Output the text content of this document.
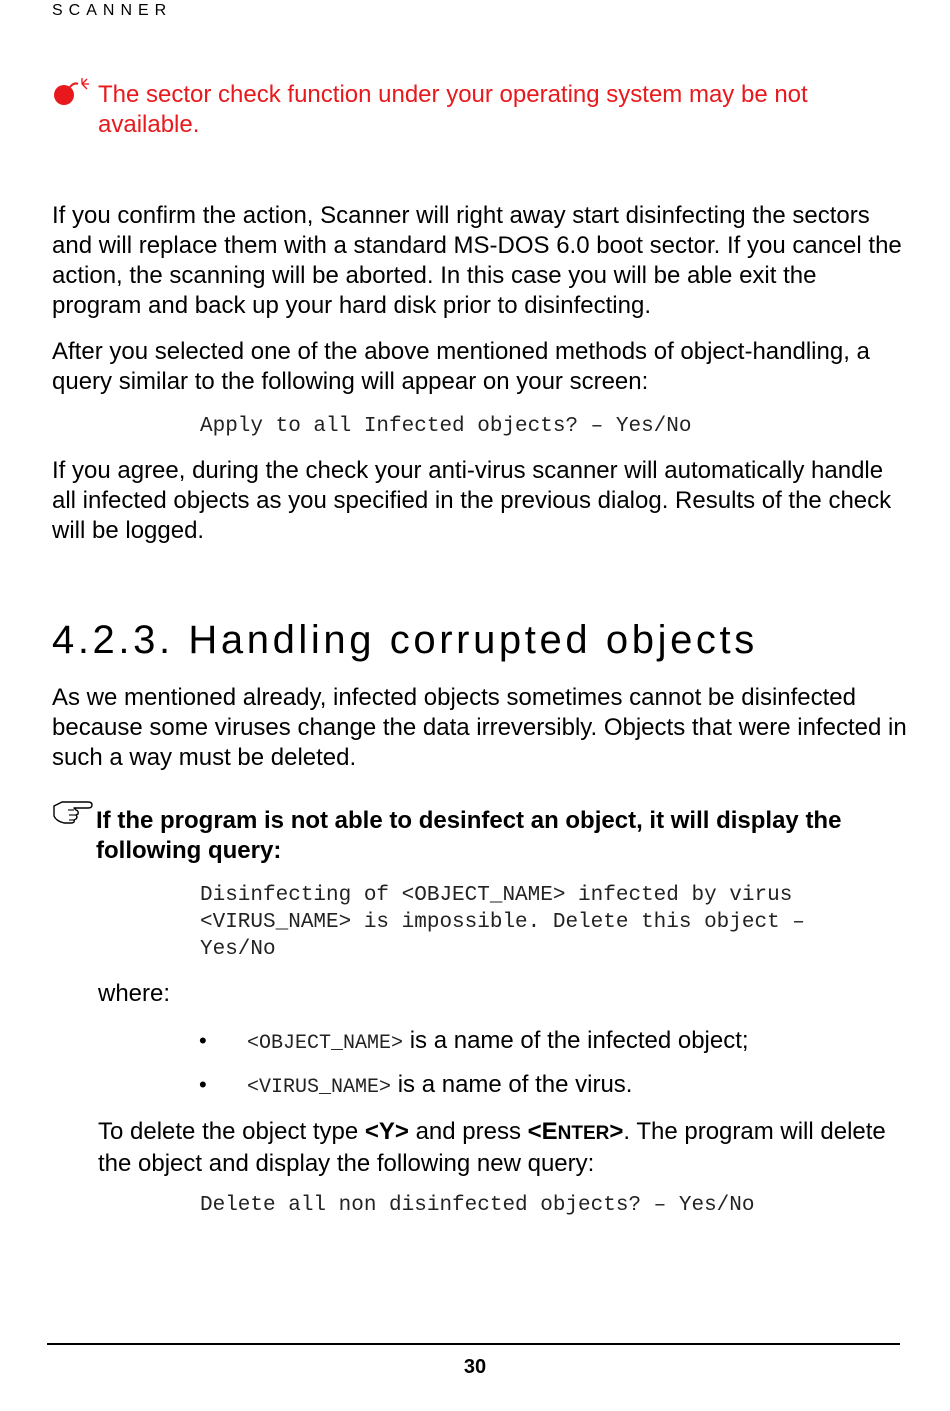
SCANNER
The sector check function under your operating system may be not available.

If you confirm the action, Scanner will right away start disinfecting the sectors and will replace them with a standard MS-DOS 6.0 boot sector. If you cancel the action, the scanning will be aborted. In this case you will be able exit the program and back up your hard disk prior to disinfecting.

After you selected one of the above mentioned methods of object-handling, a query similar to the following will appear on your screen:

Apply to all Infected objects? – Yes/No

If you agree, during the check your anti-virus scanner will automatically handle all infected objects as you specified in the previous dialog. Results of the check will be logged.

4.2.3. Handling corrupted objects

As we mentioned already, infected objects sometimes cannot be disinfected because some viruses change the data irreversibly. Objects that were infected in such a way must be deleted.

If the program is not able to desinfect an object, it will display the following query:
Disinfecting of <OBJECT_NAME> infected by virus
<VIRUS_NAME> is impossible. Delete this object –
Yes/No
where:
• <OBJECT_NAME> is a name of the infected object;
• <VIRUS_NAME> is a name of the virus.

To delete the object type <Y> and press <ENTER>. The program will delete the object and display the following new query:

Delete all non disinfected objects? – Yes/No
30
